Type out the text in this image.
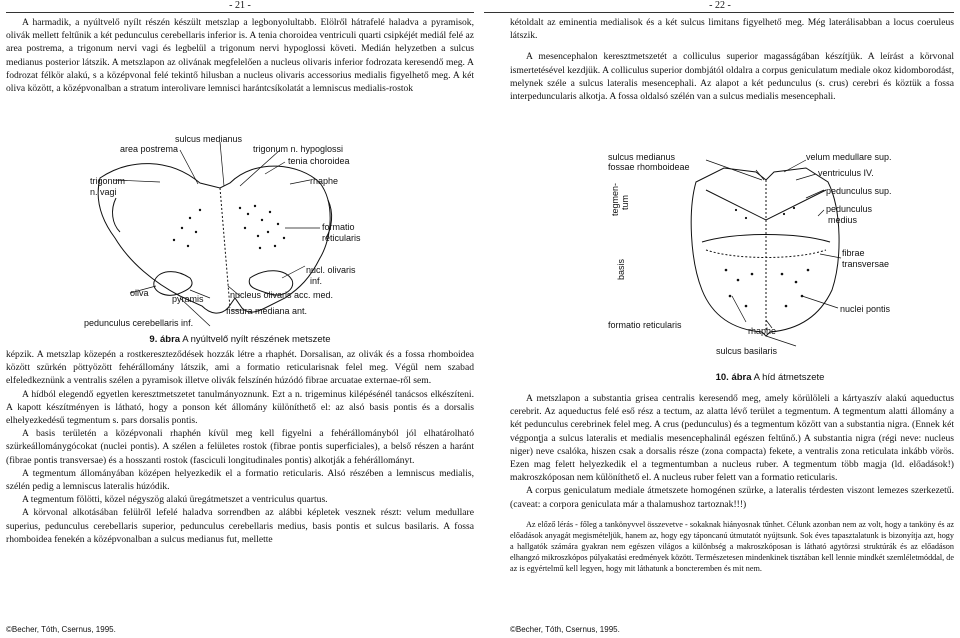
- 21 -

A harmadik, a nyúltvelő nyílt részén készült metszlap a legbonyolultabb. Elölről hátrafelé haladva a pyramisok, olivák mellett feltűnik a két pedunculus cerebellaris inferior is. A tenia choroidea ventriculi quarti csipkéjét mediál felé az area postrema, a trigonum nervi vagi és legbelül a trigonum nervi hypoglossi követi. Medián helyzetben a sulcus medianus posterior látszik. A metszlapon az olivának megfelelően a nucleus olivaris inferior fodrozata keresendő meg. A fodrozat félkör alakú, s a középvonal felé tekintő hilusban a nucleus olivaris accessorius medialis figyelhető meg. A két oliva között, a középvonalban a stratum interolivare lemnisci harántcsíkolatát a lemniscus medialis-rostok

sulcus medianus
area postrema	trigonum n. hypoglossi
tenia choroidea
trigonum
n. vagi
rhaphe
formatio
reticularis
nucl. olivaris
inf.
oliva
pyramis	nucleus olivaris acc. med.
fissura mediana ant.
pedunculus cerebellaris inf.
9. ábra A nyúltvelő nyílt részének metszete

képzik. A metszlap közepén a rostkereszteződések hozzák létre a rhaphét. Dorsalisan, az olivák és a fossa rhomboidea között szürkén pöttyözött fehérállomány látszik, ami a formatio reticularisnak felel meg. Végül nem szabad elfeledkeznünk a ventralis szélen a pyramisok illetve olivák felszínén húzódó fibrae arcuatae externae-ről sem.

A hídból elegendő egyetlen keresztmetszetet tanulmányoznunk. Ezt a n. trigeminus kilépésénél tanácsos elkészíteni. A kapott készítményen is látható, hogy a ponson két állomány különíthető el: az alsó basis pontis és a dorsalis elhelyezkedésű tegmentum s. pars dorsalis pontis.

A basis területén a középvonali rhaphén kívül meg kell figyelni a fehérállományból jól elhatárolható szürkeállománygócokat (nuclei pontis). A szélen a felületes rostok (fibrae pontis superficiales), a belső részen a haránt (fibrae pontis transversae) és a hosszanti rostok (fasciculi longitudinales pontis) alkotják a fehérállományt.

A tegmentum állományában középen helyezkedik el a formatio reticularis. Alsó részében a lemniscus medialis, szélén pedig a lemniscus lateralis húzódik.

A tegmentum fölötti, közel négyszög alakú üregátmetszet a ventriculus quartus.

A körvonal alkotásában felülről lefelé haladva sorrendben az alábbi képletek vesznek részt: velum medullare superius, pedunculus cerebellaris superior, pedunculus cerebellaris medius, basis pontis et sulcus basilaris. A fossa rhomboidea fenekén a középvonalban a sulcus medianus fut, mellette

©Becher, Tóth, Csernus, 1995.
- 22 -

kétoldalt az eminentia medialisok és a két sulcus limitans figyelhető meg. Még laterálisabban a locus coeruleus látszik.

A mesencephalon keresztmetszetét a colliculus superior magasságában készítjük. A leírást a körvonal ismertetésével kezdjük. A colliculus superior dombjától oldalra a corpus geniculatum mediale okoz kidomborodást, melynek széle a sulcus lateralis mesencephali. Az alapot a két pedunculus (s. crus) cerebri és köztük a fossa interpeduncularis alkotja. A fossa oldalsó szélén van a sulcus medialis mesencephali.

sulcus medianus
fossae rhomboideae
velum medullare sup.
ventriculus IV.
tegmen- tum
pedunculus sup.
pedunculus
medius
basis
fibrae
transversae
nuclei pontis
formatio reticularis
rhaphe
sulcus basilaris
10. ábra A híd átmetszete

A metszlapon a substantia grisea centralis keresendő meg, amely körülöleli a kártyaszív alakú aqueductus cerebrit. Az aqueductus felé eső rész a tectum, az alatta lévő terület a tegmentum. A tegmentum alatti állomány a két pedunculus cerebrinek felel meg. A crus (pedunculus) és a tegmentum között van a substantia nigra. (Ennek két végponţja a sulcus lateralis et medialis mesencephalinál egészen feltűnő.) A substantia nigra (régi neve: nucleus niger) neve csalóka, hiszen csak a dorsalis része (zona compacta) fekete, a ventralis zona reticulata inkább vörös. Ezen mag felett helyezkedik el a tegmentumban a nucleus ruber. A tegmentum több magja (ld. előadások!) makroszkóposan nem különíthető el. A nucleus ruber felett van a formatio reticularis.

A corpus geniculatum mediale átmetszete homogénen szürke, a lateralis térdesten viszont lemezes szerkezetű. (caveat: a corpora geniculata már a thalamushoz tartoznak!!!)

Az előző lérás - főleg a tankönyvvel összevetve - sokaknak hiányosnak tűnhet. Célunk azonban nem az volt, hogy a tanköny és az előadások anyagát megismételjük, hanem az, hogy egy táponcanú útmutatót nyújtsunk. Sok éves tapasztalatunk is bizonyítja azt, hogy a hallgatók számára gyakran nem egészen világos a különbség a makroszkóposan is látható agytörzsi struktúrák és az előadáson elhangzó mikroszkópos púlyakatási eredmények között. Természetesen mindenkinek tisztában kell lennie mindkét szemléletmóddal, de az is egyértelmű kell legyen, hogy mit láthatunk a boncteremben és mit nem.

©Becher, Tóth, Csernus, 1995.
